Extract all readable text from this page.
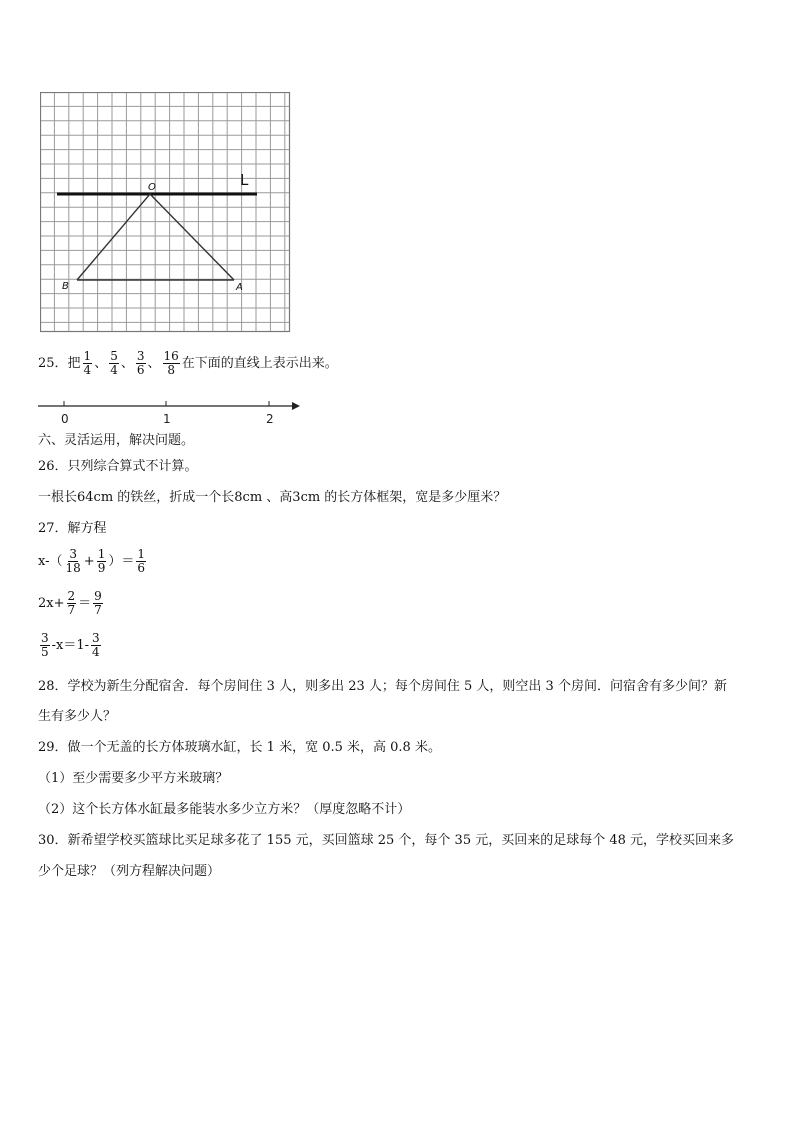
O	L
B	A
25．把 $\frac{1}{4}$ 、 $\frac{5}{4}$ 、 $\frac{3}{6}$ 、 $\frac{16}{8}$ 在下面的直线上表示出来。
0	1	2
六、灵活运用，解决问题。
26．只列综合算式不计算。
一根长64cm 的铁丝，折成一个长8cm 、高3cm 的长方体框架，宽是多少厘米？
27．解方程
$x-( \frac{3}{18} + \frac{1}{9}$ ）＝ $\frac{1}{6}$
$2x+ \frac{2}{7} = \frac{9}{7}$
$\frac{3}{5} -x=1- \frac{3}{4}$
28．学校为新生分配宿舍．每个房间住 3 人，则多出 23 人；每个房间住 5 人，则空出 3 个房间．问宿舍有多少间？新
生有多少人？
29．做一个无盖的长方体玻璃水缸，长 1 米，宽 0.5 米，高 0.8 米。
（1）至少需要多少平方米玻璃？
（2）这个长方体水缸最多能装水多少立方米？（厚度忽略不计）
30．新希望学校买篮球比买足球多花了 155 元，买回篮球 25 个，每个 35 元，买回来的足球每个 48 元，学校买回来多
少个足球？（列方程解决问题）
